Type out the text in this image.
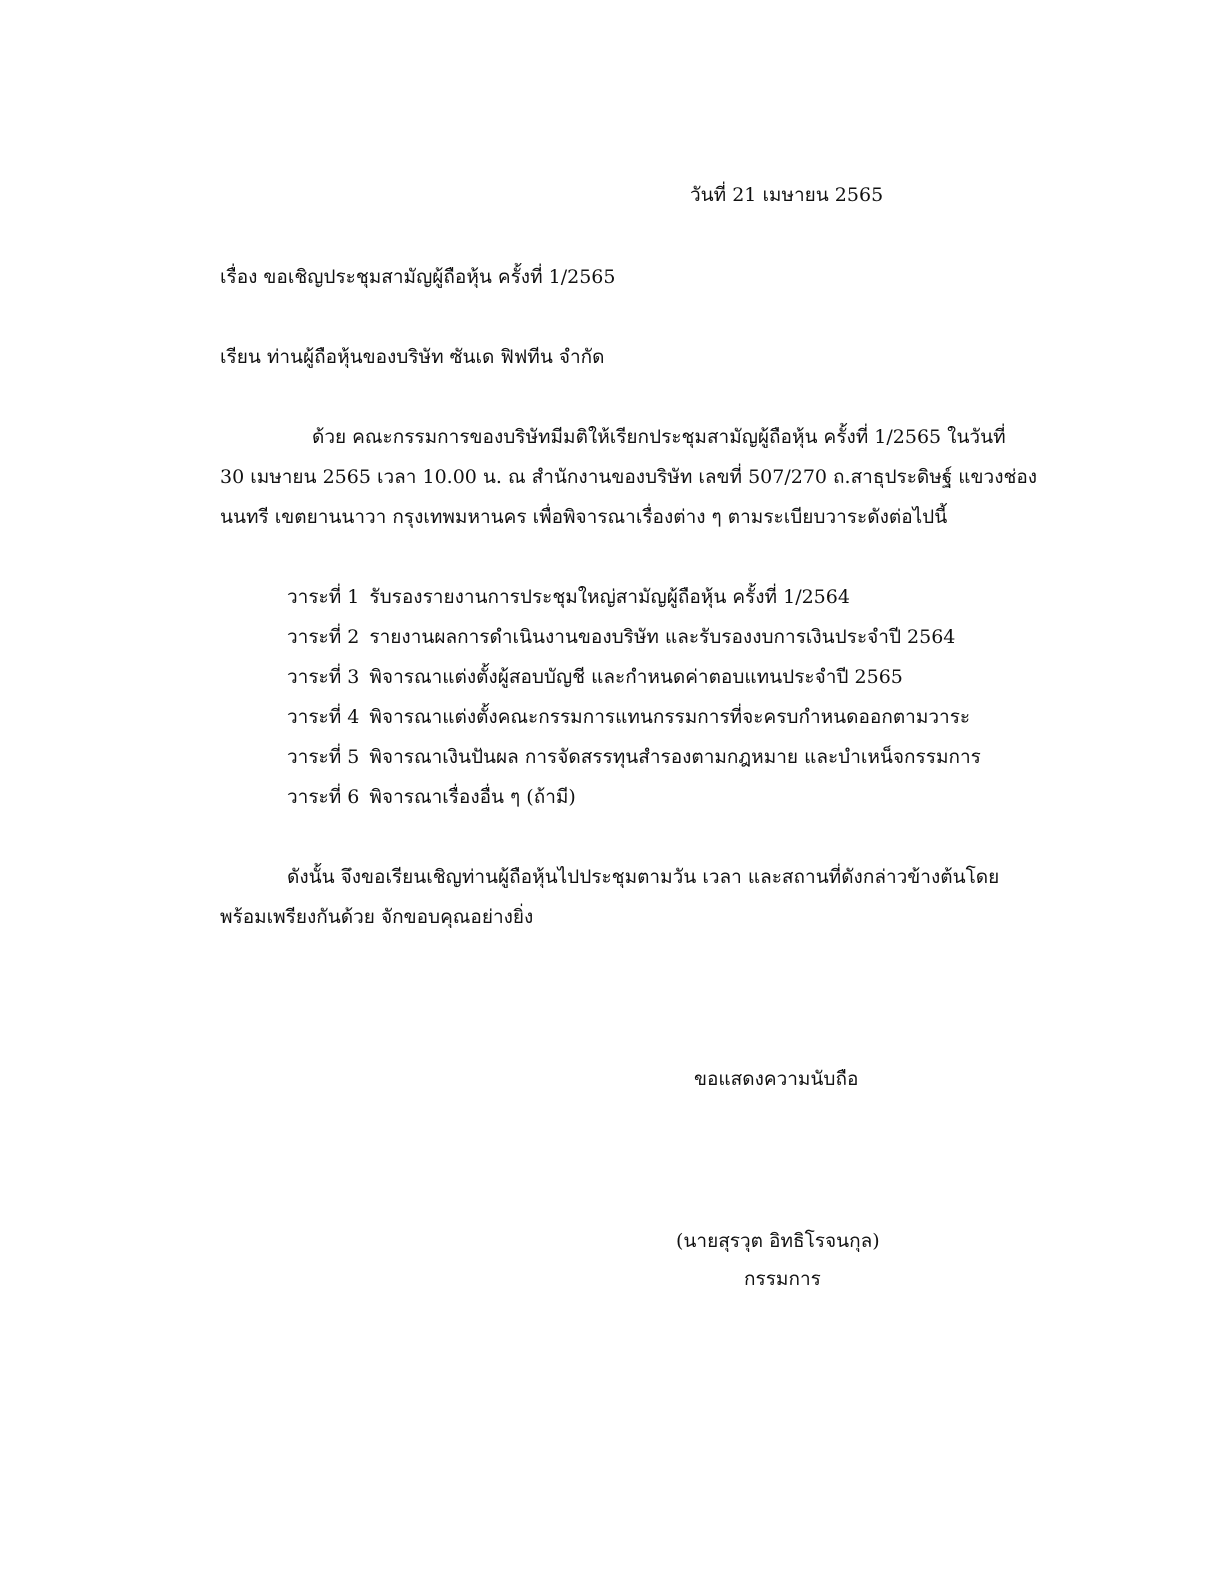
วันที่ 21 เมษายน 2565
เรื่อง ขอเชิญประชุมสามัญผู้ถือหุ้น ครั้งที่ 1/2565
เรียน ท่านผู้ถือหุ้นของบริษัท ซันเด ฟิฟทีน จำกัด
ด้วย คณะกรรมการของบริษัทมีมติให้เรียกประชุมสามัญผู้ถือหุ้น ครั้งที่ 1/2565 ในวันที่
30 เมษายน 2565 เวลา 10.00 น. ณ สำนักงานของบริษัท เลขที่ 507/270 ถ.สาธุประดิษฐ์ แขวงช่อง
นนทรี เขตยานนาวา กรุงเทพมหานคร เพื่อพิจารณาเรื่องต่าง ๆ ตามระเบียบวาระดังต่อไปนี้
วาระที่ 1 รับรองรายงานการประชุมใหญ่สามัญผู้ถือหุ้น ครั้งที่ 1/2564
วาระที่ 2 รายงานผลการดำเนินงานของบริษัท และรับรองงบการเงินประจำปี 2564
วาระที่ 3 พิจารณาแต่งตั้งผู้สอบบัญชี และกำหนดค่าตอบแทนประจำปี 2565
วาระที่ 4 พิจารณาแต่งตั้งคณะกรรมการแทนกรรมการที่จะครบกำหนดออกตามวาระ
วาระที่ 5 พิจารณาเงินปันผล การจัดสรรทุนสำรองตามกฎหมาย และบำเหน็จกรรมการ
วาระที่ 6 พิจารณาเรื่องอื่น ๆ (ถ้ามี)
ดังนั้น จึงขอเรียนเชิญท่านผู้ถือหุ้นไปประชุมตามวัน เวลา และสถานที่ดังกล่าวข้างต้นโดย
พร้อมเพรียงกันด้วย จักขอบคุณอย่างยิ่ง
ขอแสดงความนับถือ
(นายสุรวุต อิทธิโรจนกุล)
กรรมการ
